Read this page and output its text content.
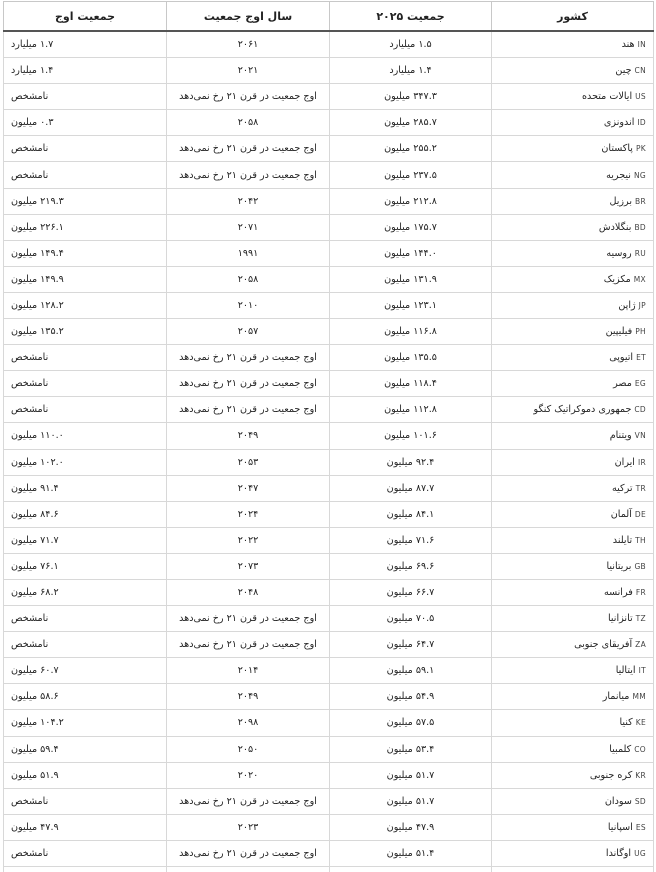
کشور	جمعیت ۲۰۲۵	سال اوج جمعیت	جمعیت اوج
INهند	۱.۵ میلیارد	۲۰۶۱	۱.۷ میلیارد
CNچین	۱.۴ میلیارد	۲۰۲۱	۱.۴ میلیارد
USایالات متحده	۳۴۷.۳ میلیون	اوج جمعیت در قرن ۲۱ رخ نمی‌دهد	نامشخص
IDاندونزی	۲۸۵.۷ میلیون	۲۰۵۸	۰.۳ میلیون
PKپاکستان	۲۵۵.۲ میلیون	اوج جمعیت در قرن ۲۱ رخ نمی‌دهد	نامشخص
NGنیجریه	۲۳۷.۵ میلیون	اوج جمعیت در قرن ۲۱ رخ نمی‌دهد	نامشخص
BRبرزیل	۲۱۲.۸ میلیون	۲۰۴۲	۲۱۹.۳ میلیون
BDبنگلادش	۱۷۵.۷ میلیون	۲۰۷۱	۲۲۶.۱ میلیون
RUروسیه	۱۴۴.۰ میلیون	۱۹۹۱	۱۴۹.۴ میلیون
MXمکزیک	۱۳۱.۹ میلیون	۲۰۵۸	۱۴۹.۹ میلیون
JPژاپن	۱۲۳.۱ میلیون	۲۰۱۰	۱۲۸.۲ میلیون
PHفیلیپین	۱۱۶.۸ میلیون	۲۰۵۷	۱۳۵.۲ میلیون
ETاتیوپی	۱۳۵.۵ میلیون	اوج جمعیت در قرن ۲۱ رخ نمی‌دهد	نامشخص
EGمصر	۱۱۸.۴ میلیون	اوج جمعیت در قرن ۲۱ رخ نمی‌دهد	نامشخص
CDجمهوری دموکراتیک کنگو	۱۱۲.۸ میلیون	اوج جمعیت در قرن ۲۱ رخ نمی‌دهد	نامشخص
VNویتنام	۱۰۱.۶ میلیون	۲۰۴۹	۱۱۰.۰ میلیون
IRایران	۹۲.۴ میلیون	۲۰۵۳	۱۰۲.۰ میلیون
TRترکیه	۸۷.۷ میلیون	۲۰۴۷	۹۱.۴ میلیون
DEآلمان	۸۴.۱ میلیون	۲۰۲۴	۸۴.۶ میلیون
THتایلند	۷۱.۶ میلیون	۲۰۲۲	۷۱.۷ میلیون
GBبریتانیا	۶۹.۶ میلیون	۲۰۷۳	۷۶.۱ میلیون
FRفرانسه	۶۶.۷ میلیون	۲۰۴۸	۶۸.۲ میلیون
TZتانزانیا	۷۰.۵ میلیون	اوج جمعیت در قرن ۲۱ رخ نمی‌دهد	نامشخص
ZAآفریقای جنوبی	۶۴.۷ میلیون	اوج جمعیت در قرن ۲۱ رخ نمی‌دهد	نامشخص
ITایتالیا	۵۹.۱ میلیون	۲۰۱۴	۶۰.۷ میلیون
MMمیانمار	۵۴.۹ میلیون	۲۰۴۹	۵۸.۶ میلیون
KEکنیا	۵۷.۵ میلیون	۲۰۹۸	۱۰۴.۲ میلیون
COکلمبیا	۵۳.۴ میلیون	۲۰۵۰	۵۹.۴ میلیون
KRکره جنوبی	۵۱.۷ میلیون	۲۰۲۰	۵۱.۹ میلیون
SDسودان	۵۱.۷ میلیون	اوج جمعیت در قرن ۲۱ رخ نمی‌دهد	نامشخص
ESاسپانیا	۴۷.۹ میلیون	۲۰۲۳	۴۷.۹ میلیون
UGاوگاندا	۵۱.۴ میلیون	اوج جمعیت در قرن ۲۱ رخ نمی‌دهد	نامشخص
